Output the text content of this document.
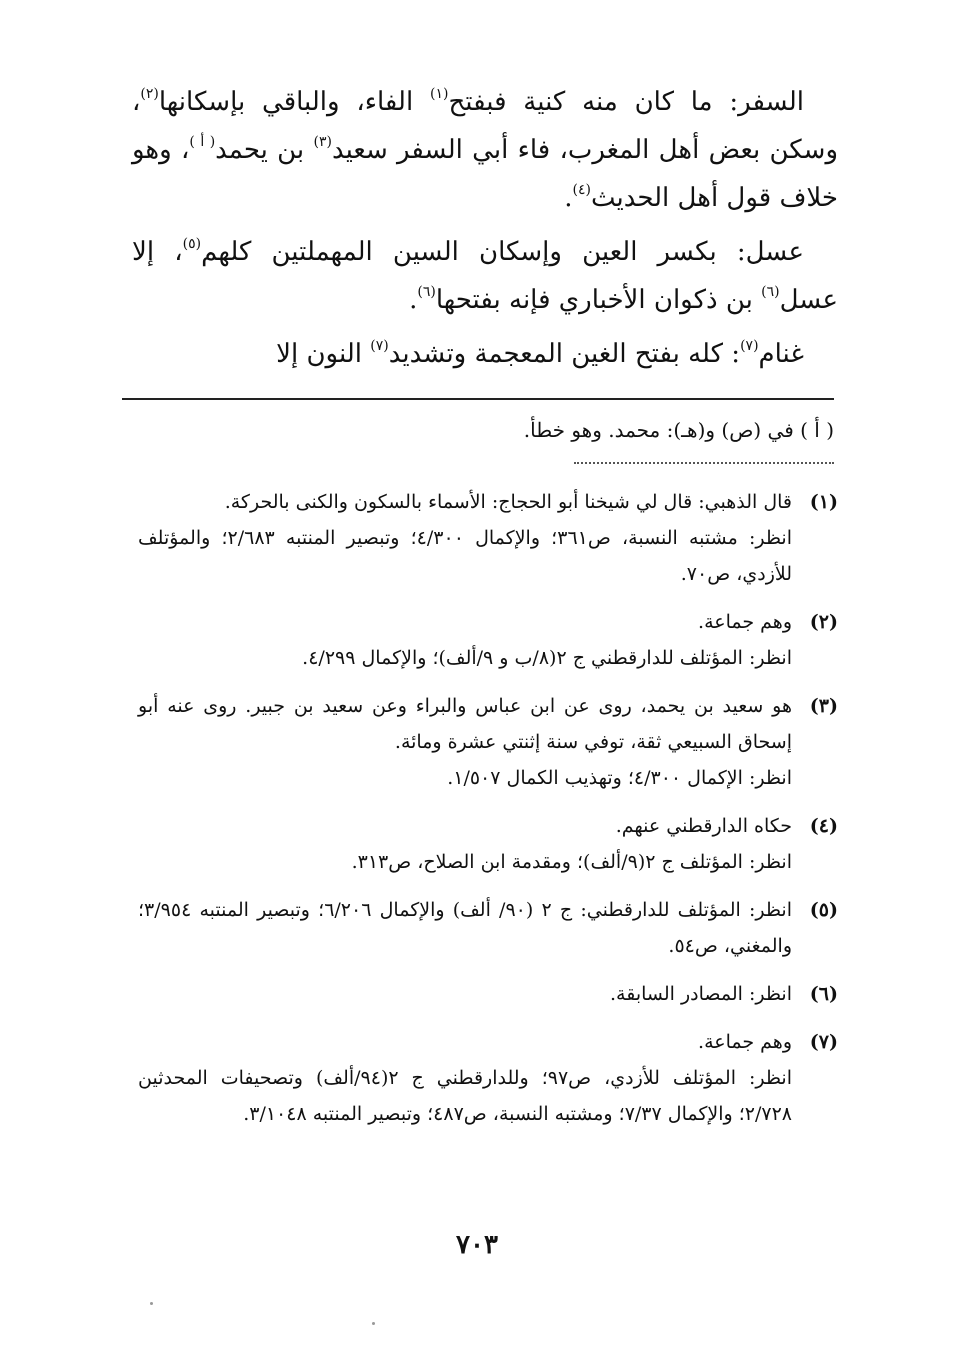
السفر: ما كان منه كنية فبفتح$^{(١)}$ الفاء، والباقي بإسكانها$^{(٢)}$، وسكن بعض أهل المغرب، فاء أبي السفر سعيد$^{(٣)}$ بن يحمد$^{( أ )}$، وهو خلاف قول أهل الحديث$^{(٤)}$.

عسل: بكسر العين وإسكان السين المهملتين كلهم$^{(٥)}$، إلا عسل$^{(٦)}$ بن ذكوان الأخباري فإنه بفتحها$^{(٦)}$.

غنام$^{(٧)}$: كله بفتح الغين المعجمة وتشديد$^{(٧)}$ النون إلا

( أ ) في (ص) و(هـ): محمد. وهو خطأ.
(١)
قال الذهبي: قال لي شيخنا أبو الحجاج: الأسماء بالسكون والكنى بالحركة.
انظر: مشتبه النسبة، ص٣٦١؛ والإكمال ٤/٣٠٠؛ وتبصير المنتبه ٢/٦٨٣؛ والمؤتلف للأزدي، ص٧٠.
(٢)
وهم جماعة.
انظر: المؤتلف للدارقطني ج ٢(٨/ب و ٩/ألف)؛ والإكمال ٤/٢٩٩.
(٣)
هو سعيد بن يحمد، روى عن ابن عباس والبراء وعن سعيد بن جبير. روى عنه أبو إسحاق السبيعي ثقة، توفي سنة إثنتي عشرة ومائة.
انظر: الإكمال ٤/٣٠٠؛ وتهذيب الكمال ١/٥٠٧.
(٤)
حكاه الدارقطني عنهم.
انظر: المؤتلف ج ٢(٩/ألف)؛ ومقدمة ابن الصلاح، ص٣١٣.
(٥)
انظر: المؤتلف للدارقطني: ج ٢ (٩٠/ ألف) والإكمال ٦/٢٠٦؛ وتبصير المنتبه ٣/٩٥٤؛ والمغني، ص٥٤.
(٦)
انظر: المصادر السابقة.
(٧)
وهم جماعة.
انظر: المؤتلف للأزدي، ص٩٧؛ وللدارقطني ج ٢(٩٤/ألف) وتصحيفات المحدثين ٢/٧٢٨؛ والإكمال ٧/٣٧؛ ومشتبه النسبة، ص٤٨٧؛ وتبصير المنتبه ٣/١٠٤٨.
٧٠٣
